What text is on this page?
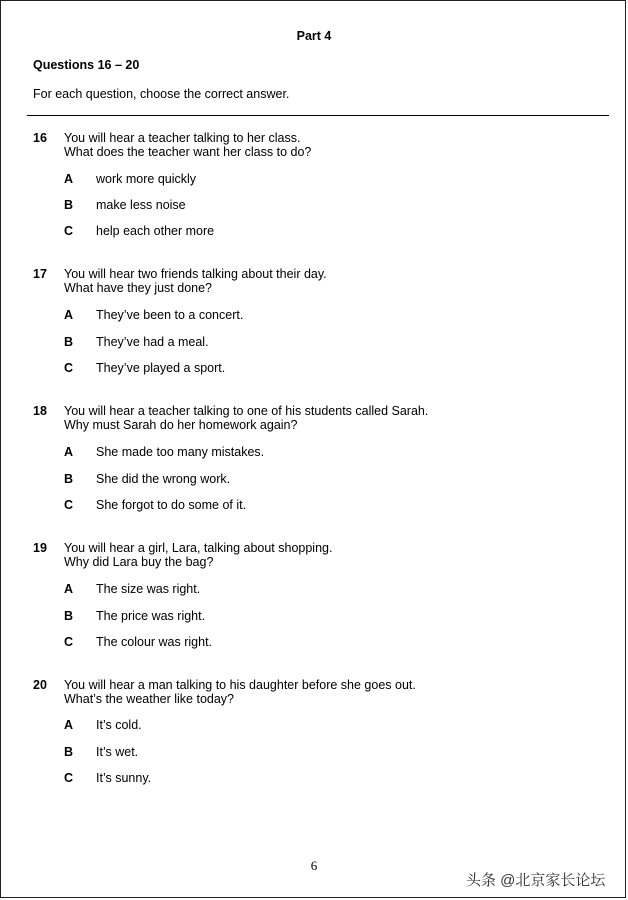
Part 4
Questions 16 – 20
For each question, choose the correct answer.
16 You will hear a teacher talking to her class.
What does the teacher want her class to do?
A work more quickly
B make less noise
C help each other more
17 You will hear two friends talking about their day.
What have they just done?
A They’ve been to a concert.
B They’ve had a meal.
C They’ve played a sport.
18 You will hear a teacher talking to one of his students called Sarah.
Why must Sarah do her homework again?
A She made too many mistakes.
B She did the wrong work.
C She forgot to do some of it.
19 You will hear a girl, Lara, talking about shopping.
Why did Lara buy the bag?
A The size was right.
B The price was right.
C The colour was right.
20 You will hear a man talking to his daughter before she goes out.
What’s the weather like today?
A It’s cold.
B It’s wet.
C It’s sunny.
6
头条 @北京家长论坛
